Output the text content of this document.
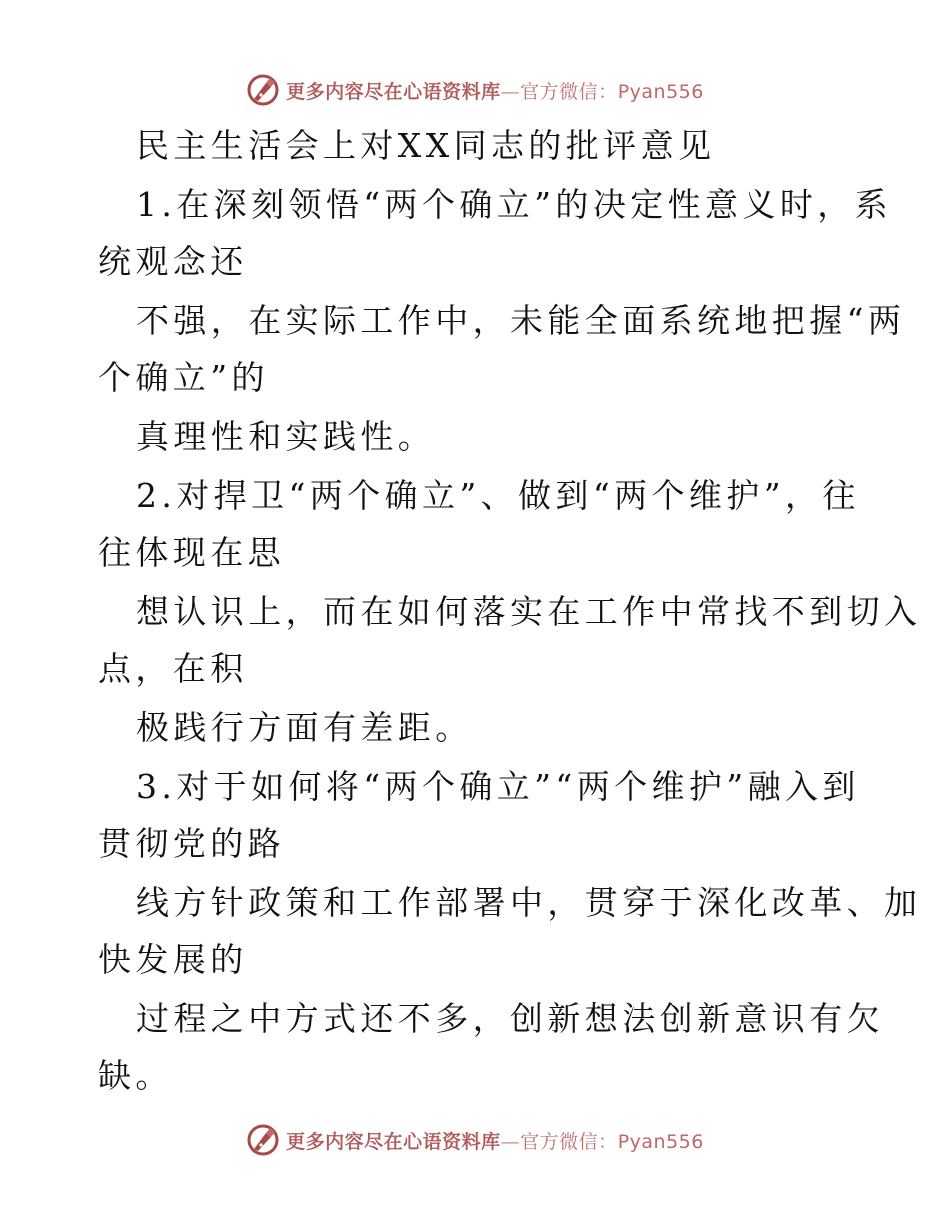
更多内容尽在心语资料库—官方微信：Pyan556
民主生活会上对XX同志的批评意见
1.在深刻领悟“两个确立”的决定性意义时，系
统观念还
不强，在实际工作中，未能全面系统地把握“两
个确立”的
真理性和实践性。
2.对捍卫“两个确立”、做到“两个维护”，往
往体现在思
想认识上，而在如何落实在工作中常找不到切入
点，在积
极践行方面有差距。
3.对于如何将“两个确立”“两个维护”融入到
贯彻党的路
线方针政策和工作部署中，贯穿于深化改革、加
快发展的
过程之中方式还不多，创新想法创新意识有欠
缺。
更多内容尽在心语资料库—官方微信：Pyan556
